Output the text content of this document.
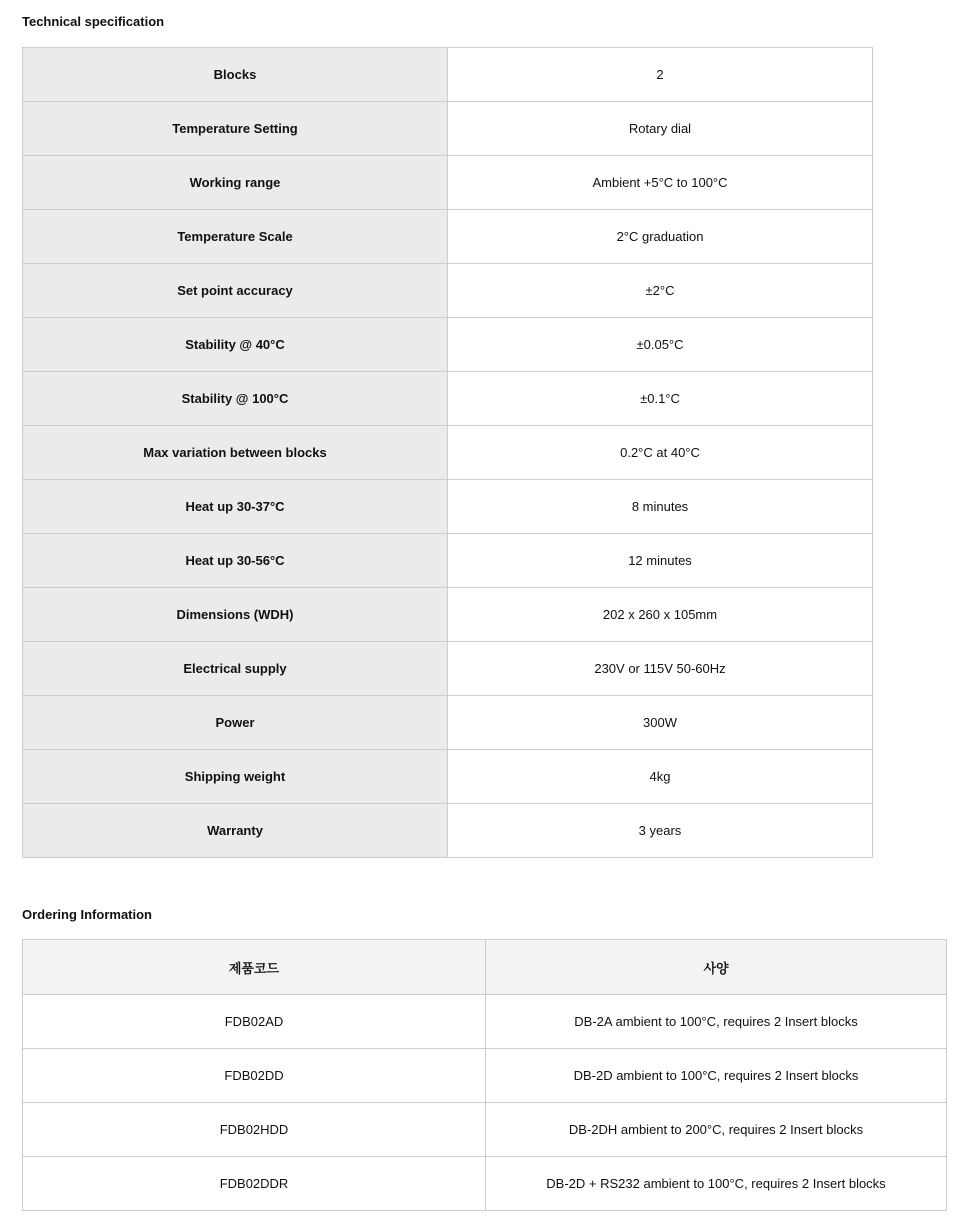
Technical specification
Blocks	2
Temperature Setting	Rotary dial
Working range	Ambient +5°C to 100°C
Temperature Scale	2°C graduation
Set point accuracy	±2°C
Stability @ 40°C	±0.05°C
Stability @ 100°C	±0.1°C
Max variation between blocks	0.2°C at 40°C
Heat up 30-37°C	8 minutes
Heat up 30-56°C	12 minutes
Dimensions (WDH)	202 x 260 x 105mm
Electrical supply	230V or 115V 50-60Hz
Power	300W
Shipping weight	4kg
Warranty	3 years
Ordering Information
제품코드	사양
FDB02AD	DB-2A ambient to 100°C, requires 2 Insert blocks
FDB02DD	DB-2D ambient to 100°C, requires 2 Insert blocks
FDB02HDD	DB-2DH ambient to 200°C, requires 2 Insert blocks
FDB02DDR	DB-2D + RS232 ambient to 100°C, requires 2 Insert blocks
